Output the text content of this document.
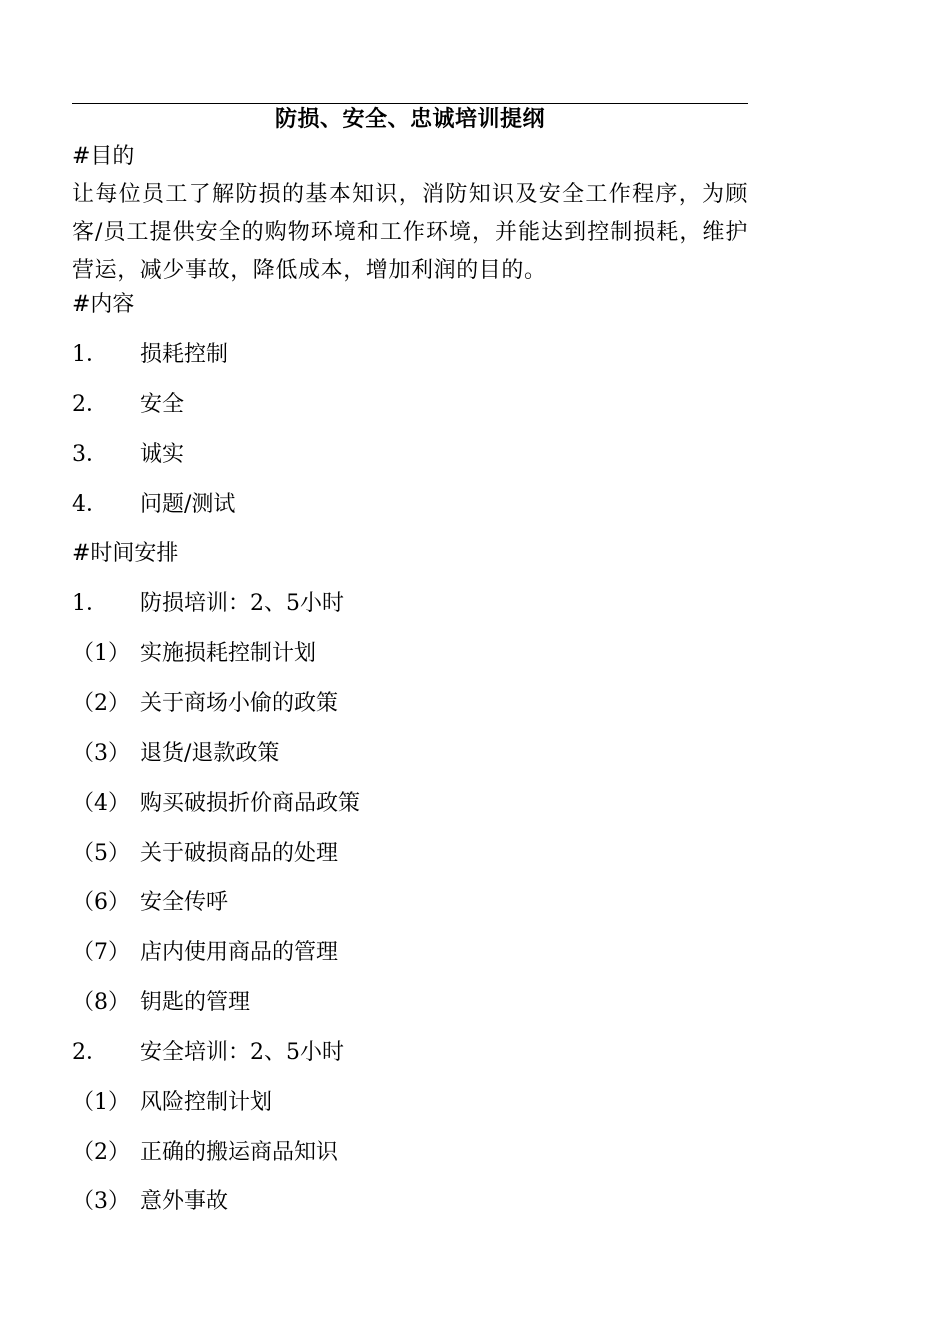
防损、安全、忠诚培训提纲
#目的
让每位员工了解防损的基本知识，消防知识及安全工作程序，为顾客/员工提供安全的购物环境和工作环境，并能达到控制损耗，维护营运，减少事故，降低成本，增加利润的目的。
#内容
1． 损耗控制
2． 安全
3． 诚实
4． 问题/测试
#时间安排
1． 防损培训：2、5小时
（1） 实施损耗控制计划
（2） 关于商场小偷的政策
（3） 退货/退款政策
（4） 购买破损折价商品政策
（5） 关于破损商品的处理
（6） 安全传呼
（7） 店内使用商品的管理
（8） 钥匙的管理
2． 安全培训：2、5小时
（1） 风险控制计划
（2） 正确的搬运商品知识
（3） 意外事故
